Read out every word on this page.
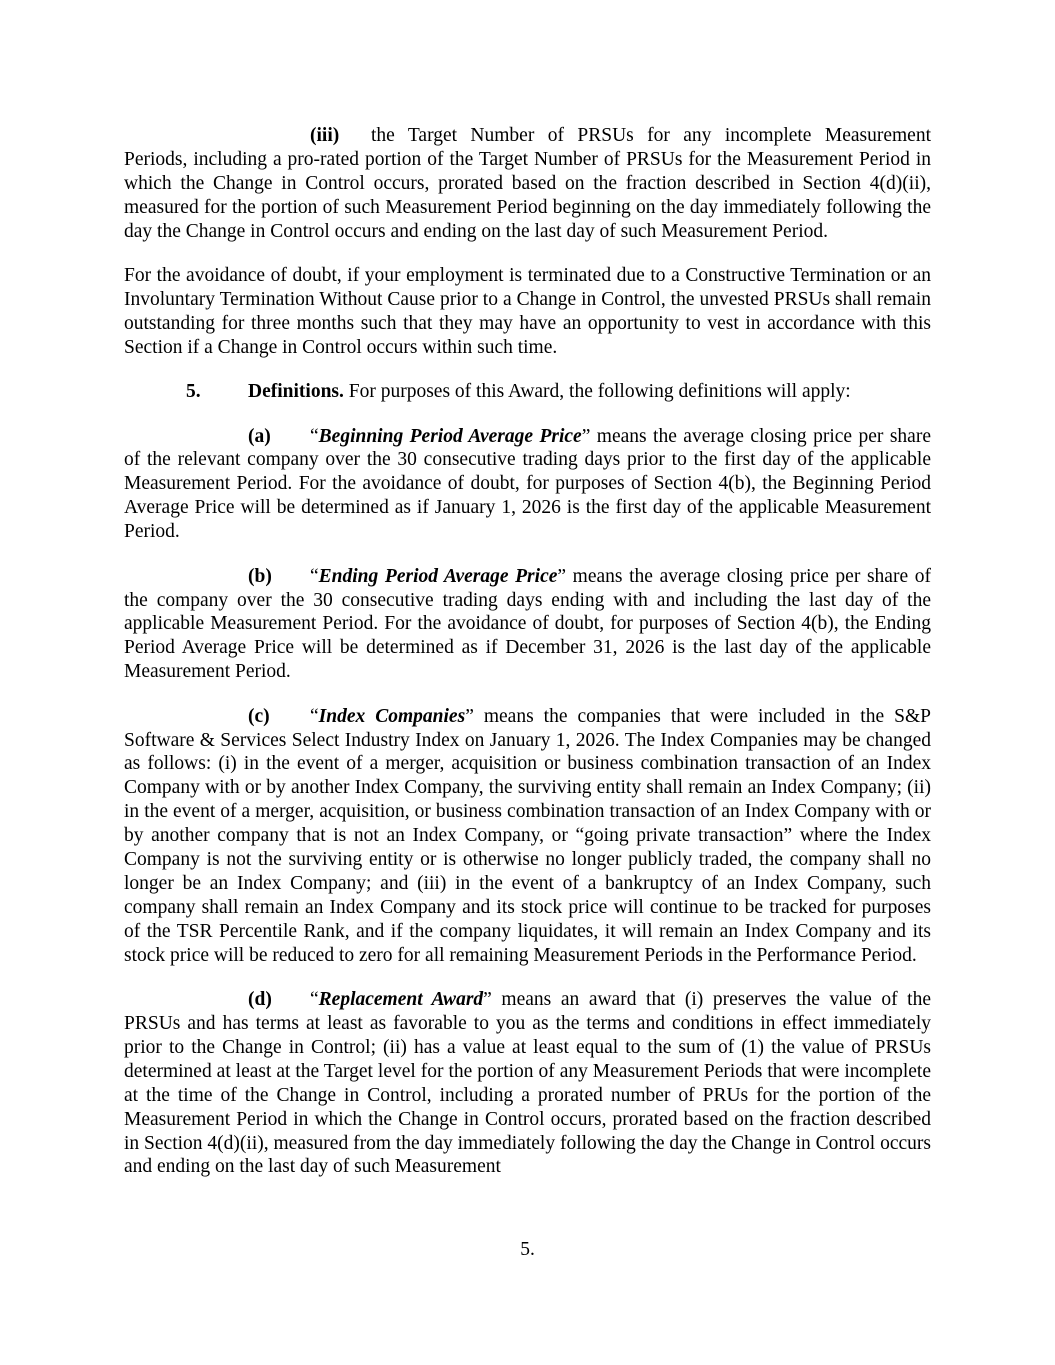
(iii) the Target Number of PRSUs for any incomplete Measurement Periods, including a pro-rated portion of the Target Number of PRSUs for the Measurement Period in which the Change in Control occurs, prorated based on the fraction described in Section 4(d)(ii), measured for the portion of such Measurement Period beginning on the day immediately following the day the Change in Control occurs and ending on the last day of such Measurement Period.

For the avoidance of doubt, if your employment is terminated due to a Constructive Termination or an Involuntary Termination Without Cause prior to a Change in Control, the unvested PRSUs shall remain outstanding for three months such that they may have an opportunity to vest in accordance with this Section if a Change in Control occurs within such time.

5. Definitions. For purposes of this Award, the following definitions will apply:

(a) “Beginning Period Average Price” means the average closing price per share of the relevant company over the 30 consecutive trading days prior to the first day of the applicable Measurement Period. For the avoidance of doubt, for purposes of Section 4(b), the Beginning Period Average Price will be determined as if January 1, 2026 is the first day of the applicable Measurement Period.

(b) “Ending Period Average Price” means the average closing price per share of the company over the 30 consecutive trading days ending with and including the last day of the applicable Measurement Period. For the avoidance of doubt, for purposes of Section 4(b), the Ending Period Average Price will be determined as if December 31, 2026 is the last day of the applicable Measurement Period.

(c) “Index Companies” means the companies that were included in the S&P Software & Services Select Industry Index on January 1, 2026. The Index Companies may be changed as follows: (i) in the event of a merger, acquisition or business combination transaction of an Index Company with or by another Index Company, the surviving entity shall remain an Index Company; (ii) in the event of a merger, acquisition, or business combination transaction of an Index Company with or by another company that is not an Index Company, or “going private transaction” where the Index Company is not the surviving entity or is otherwise no longer publicly traded, the company shall no longer be an Index Company; and (iii) in the event of a bankruptcy of an Index Company, such company shall remain an Index Company and its stock price will continue to be tracked for purposes of the TSR Percentile Rank, and if the company liquidates, it will remain an Index Company and its stock price will be reduced to zero for all remaining Measurement Periods in the Performance Period.

(d) “Replacement Award” means an award that (i) preserves the value of the PRSUs and has terms at least as favorable to you as the terms and conditions in effect immediately prior to the Change in Control; (ii) has a value at least equal to the sum of (1) the value of PRSUs determined at least at the Target level for the portion of any Measurement Periods that were incomplete at the time of the Change in Control, including a prorated number of PRUs for the portion of the Measurement Period in which the Change in Control occurs, prorated based on the fraction described in Section 4(d)(ii), measured from the day immediately following the day the Change in Control occurs and ending on the last day of such Measurement

5.
